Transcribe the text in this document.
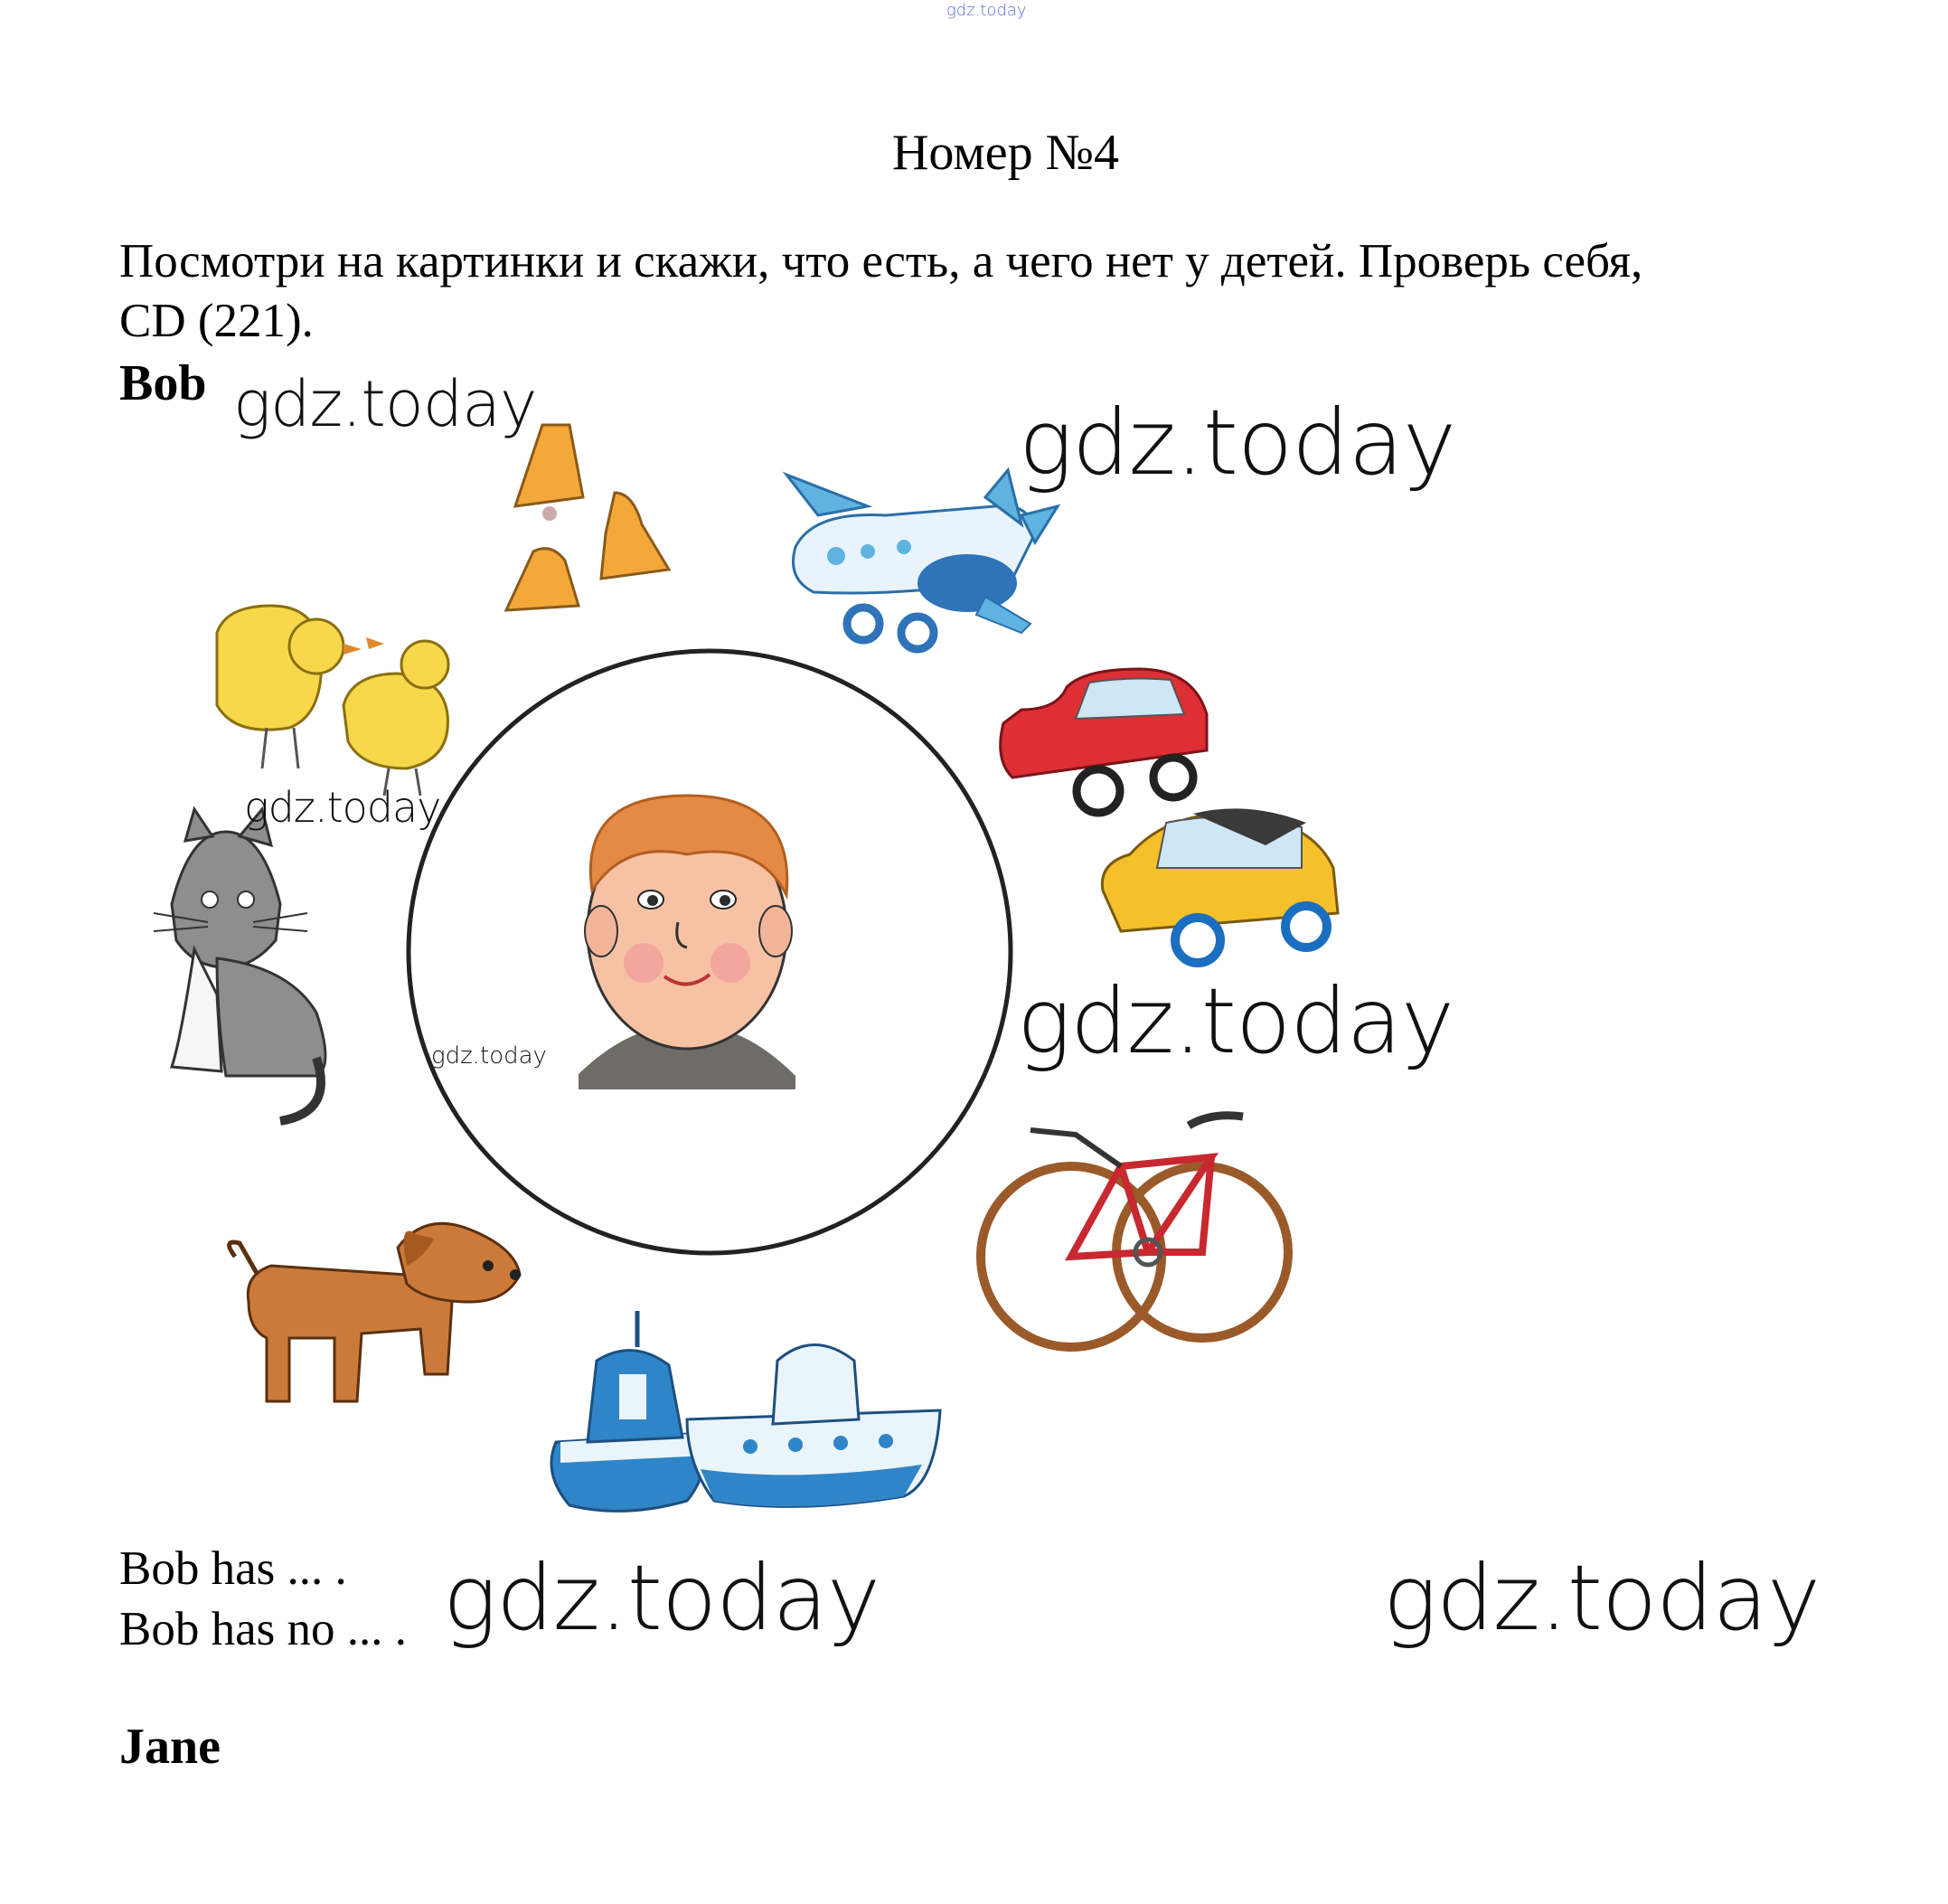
gdz.today
Номер №4
Посмотри на картинки и скажи, что есть, а чего нет у детей. Проверь себя,
CD (221).
Bob gdz.today	gdz.today
gdz.today
gdz.today	gdz.today
Bob has ... .
Bob has no ... . gdz.today	gdz.today
Jane
